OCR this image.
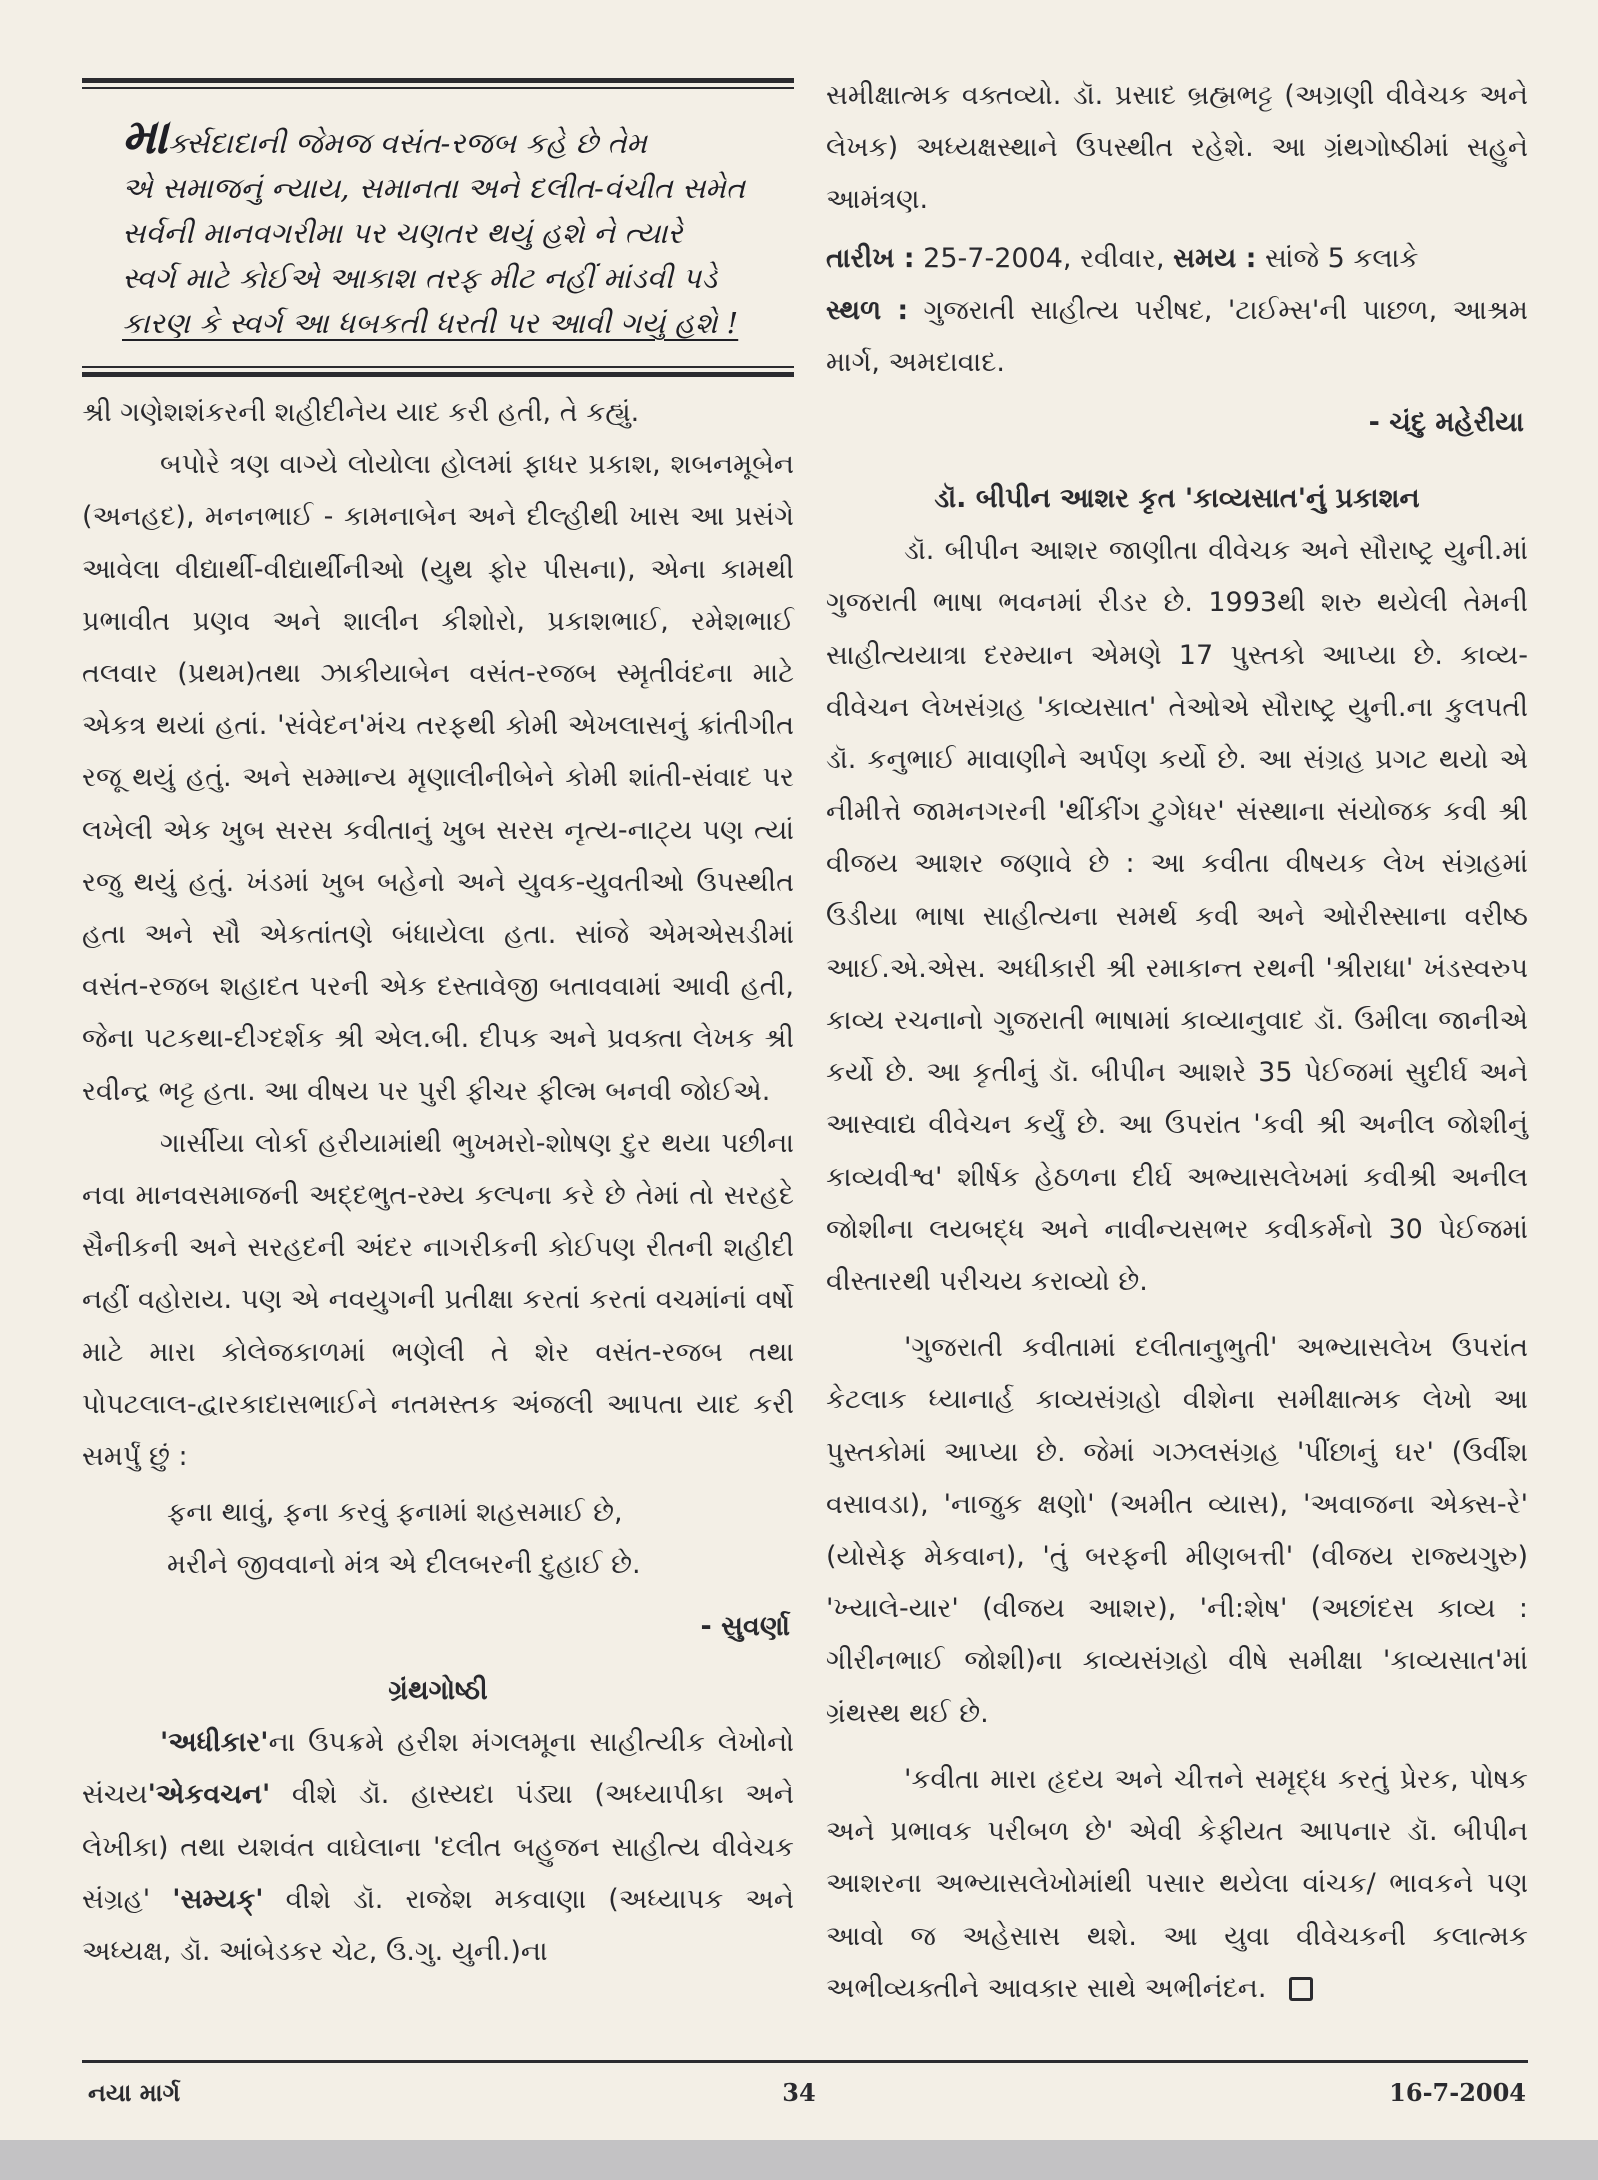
માર્ક્સદાદાની જેમજ વસંત-રજબ કહે છે તેમ
એ સમાજનું ન્યાય, સમાનતા અને દલીત-વંચીત સમેત
સર્વની માનવગરીમા પર ચણતર થયું હશે ને ત્યારે
સ્વર્ગ માટે કોઈએ આકાશ તરફ મીટ નહીં માંડવી પડે
કારણ કે સ્વર્ગ આ ધબકતી ધરતી પર આવી ગયું હશે !

શ્રી ગણેશશંકરની શહીદીનેય યાદ કરી હતી, તે કહ્યું.

બપોરે ત્રણ વાગ્યે લોયોલા હોલમાં ફાધર પ્રકાશ, શબનમૂબેન (અનહદ), મનનભાઈ - કામનાબેન અને દીલ્હીથી ખાસ આ પ્રસંગે આવેલા વીદ્યાર્થી-વીદ્યાર્થીનીઓ (યુથ ફોર પીસના), એના કામથી પ્રભાવીત પ્રણવ અને શાલીન કીશોરો, પ્રકાશભાઈ, રમેશભાઈ તલવાર (પ્રથમ)તથા ઝાકીયાબેન વસંત-રજબ સ્મૃતીવંદના માટે એકત્ર થયાં હતાં. 'સંવેદન'મંચ તરફથી કોમી એખલાસનું ક્રાંતીગીત રજૂ થયું હતું. અને સમ્માન્ય મૃણાલીનીબેને કોમી શાંતી-સંવાદ પર લખેલી એક ખુબ સરસ કવીતાનું ખુબ સરસ નૃત્ય-નાટ્ય પણ ત્યાં રજુ થયું હતું. ખંડમાં ખુબ બહેનો અને યુવક-યુવતીઓ ઉપસ્થીત હતા અને સૌ એકતાંતણે બંધાયેલા હતા. સાંજે એમએસડીમાં વસંત-રજબ શહાદત પરની એક દસ્તાવેજી બતાવવામાં આવી હતી, જેના પટકથા-દીગ્દર્શક શ્રી એલ.બી. દીપક અને પ્રવક્તા લેખક શ્રી રવીન્દ્ર ભટ્ટ હતા. આ વીષય પર પુરી ફીચર ફીલ્મ બનવી જોઈએ.

ગાર્સીયા લોર્કા હરીયામાંથી ભુખમરો-શોષણ દુર થયા પછીના નવા માનવસમાજની અદ્દભુત-રમ્ય કલ્પના કરે છે તેમાં તો સરહદે સૈનીકની અને સરહદની અંદર નાગરીકની કોઈપણ રીતની શહીદી નહીં વહોરાય. પણ એ નવયુગની પ્રતીક્ષા કરતાં કરતાં વચમાંનાં વર્ષો માટે મારા કોલેજકાળમાં ભણેલી તે શેર વસંત-રજબ તથા પોપટલાલ-દ્વારકાદાસભાઈને નતમસ્તક અંજલી આપતા યાદ કરી સમર્પું છું :

ફના થાવું, ફના કરવું ફનામાં શહસમાઈ છે,
મરીને જીવવાનો મંત્ર એ દીલબરની દુહાઈ છે.

- સુવર્ણા

ગ્રંથગોષ્ઠી

'અધીકાર'ના ઉપક્રમે હરીશ મંગલમૂના સાહીત્યીક લેખોનો સંચય'એકવચન' વીશે ડૉ. હાસ્યદા પંડ્યા (અધ્યાપીકા અને લેખીકા) તથા યશવંત વાઘેલાના 'દલીત બહુજન સાહીત્ય વીવેચક સંગ્રહ' 'સમ્યક્' વીશે ડૉ. રાજેશ મકવાણા (અધ્યાપક અને અધ્યક્ષ, ડૉ. આંબેડકર ચેટ, ઉ.ગુ. યુની.)ના

સમીક્ષાત્મક વક્તવ્યો. ડૉ. પ્રસાદ બ્રહ્મભટ્ટ (અગ્રણી વીવેચક અને લેખક) અધ્યક્ષસ્થાને ઉપસ્થીત રહેશે. આ ગ્રંથગોષ્ઠીમાં સહુને આમંત્રણ.

તારીખ : 25-7-2004, રવીવાર, સમય : સાંજે 5 કલાકે

સ્થળ : ગુજરાતી સાહીત્ય પરીષદ, 'ટાઈમ્સ'ની પાછળ, આશ્રમ માર્ગ, અમદાવાદ.

- ચંદુ મહેરીયા

ડૉ. બીપીન આશર કૃત 'કાવ્યસાત'નું પ્રકાશન

ડૉ. બીપીન આશર જાણીતા વીવેચક અને સૌરાષ્ટ્ર યુની.માં ગુજરાતી ભાષા ભવનમાં રીડર છે. 1993થી શરુ થયેલી તેમની સાહીત્યયાત્રા દરમ્યાન એમણે 17 પુસ્તકો આપ્યા છે. કાવ્ય-વીવેચન લેખસંગ્રહ 'કાવ્યસાત' તેઓએ સૌરાષ્ટ્ર યુની.ના કુલપતી ડૉ. કનુભાઈ માવાણીને અર્પણ કર્યો છે. આ સંગ્રહ પ્રગટ થયો એ નીમીત્તે જામનગરની 'થીંકીંગ ટુગેધર' સંસ્થાના સંયોજક કવી શ્રી વીજય આશર જણાવે છે : આ કવીતા વીષયક લેખ સંગ્રહમાં ઉડીયા ભાષા સાહીત્યના સમર્થ કવી અને ઓરીસ્સાના વરીષ્ઠ આઈ.એ.એસ. અધીકારી શ્રી રમાકાન્ત રથની 'શ્રીરાધા' ખંડસ્વરુપ કાવ્ય રચનાનો ગુજરાતી ભાષામાં કાવ્યાનુવાદ ડૉ. ઉમીલા જાનીએ કર્યો છે. આ કૃતીનું ડૉ. બીપીન આશરે 35 પેઈજમાં સુદીર્ઘ અને આસ્વાદ્ય વીવેચન કર્યું છે. આ ઉપરાંત 'કવી શ્રી અનીલ જોશીનું કાવ્યવીશ્વ' શીર્ષક હેઠળના દીર્ઘ અભ્યાસલેખમાં કવીશ્રી અનીલ જોશીના લયબદ્ધ અને નાવીન્યસભર કવીકર્મનો 30 પેઈજમાં વીસ્તારથી પરીચય કરાવ્યો છે.

'ગુજરાતી કવીતામાં દલીતાનુભુતી' અભ્યાસલેખ ઉપરાંત કેટલાક ધ્યાનાર્હ કાવ્યસંગ્રહો વીશેના સમીક્ષાત્મક લેખો આ પુસ્તકોમાં આપ્યા છે. જેમાં ગઝલસંગ્રહ 'પીંછાનું ઘર' (ઉર્વીશ વસાવડા), 'નાજુક ક્ષણો' (અમીત વ્યાસ), 'અવાજના એક્સ-રે' (યોસેફ મેકવાન), 'તું બરફની મીણબત્તી' (વીજય રાજ્યગુરુ) 'ખ્યાલે-યાર' (વીજય આશર), 'ની:શેષ' (અછાંદસ કાવ્ય : ગીરીનભાઈ જોશી)ના કાવ્યસંગ્રહો વીષે સમીક્ષા 'કાવ્યસાત'માં ગ્રંથસ્થ થઈ છે.

'કવીતા મારા હૃદય અને ચીત્તને સમૃદ્ધ કરતું પ્રેરક, પોષક અને પ્રભાવક પરીબળ છે' એવી કેફીયત આપનાર ડૉ. બીપીન આશરના અભ્યાસલેખોમાંથી પસાર થયેલા વાંચક/ ભાવકને પણ આવો જ અહેસાસ થશે. આ યુવા વીવેચકની કલાત્મક અભીવ્યક્તીને આવકાર સાથે અભીનંદન.

નયા માર્ગ	34	16-7-2004
